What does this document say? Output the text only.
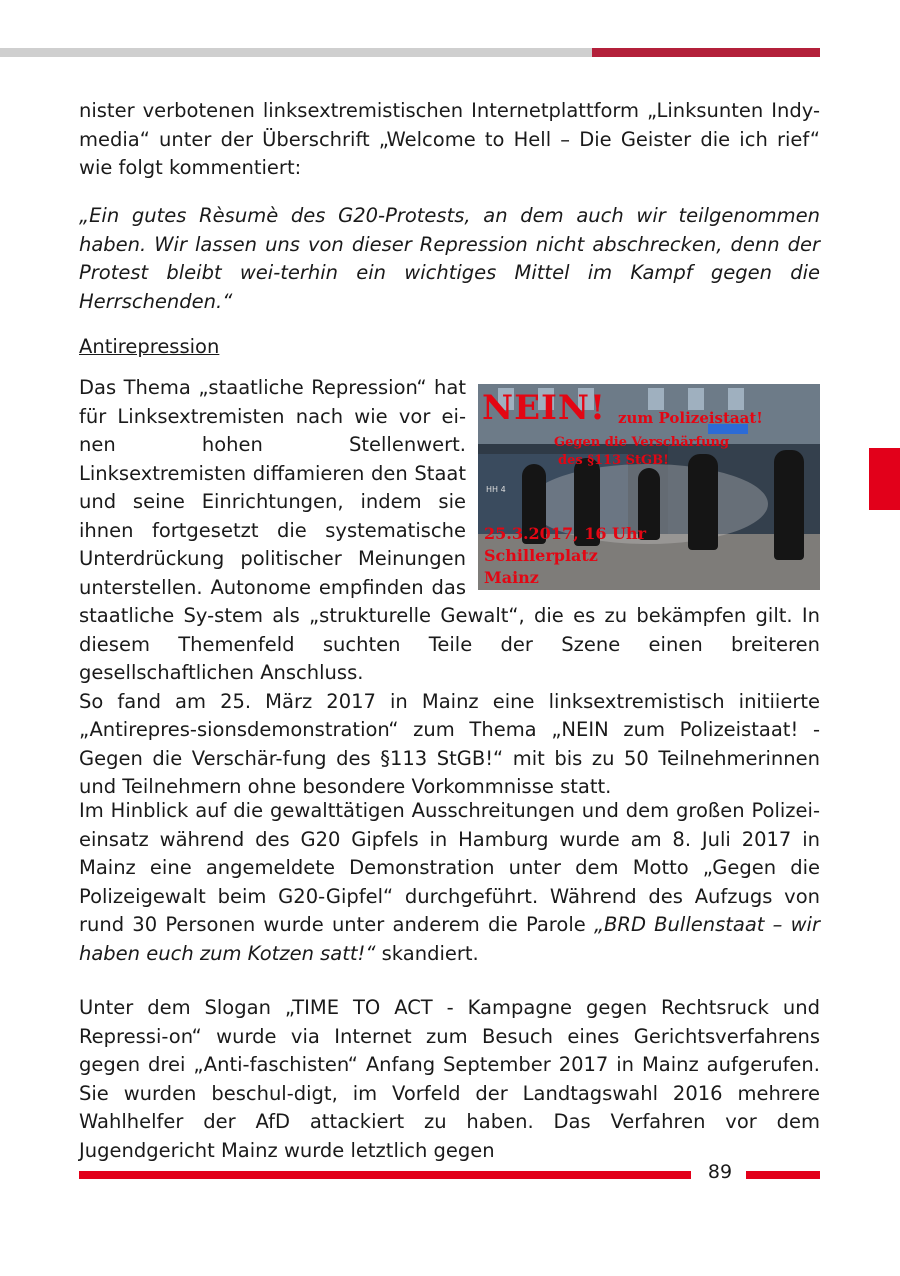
nister verbotenen linksextremistischen Internetplattform „Linksunten Indy-media“ unter der Überschrift „Welcome to Hell – Die Geister die ich rief“ wie folgt kommentiert:

„Ein gutes Rèsumè des G20-Protests, an dem auch wir teilgenommen haben. Wir lassen uns von dieser Repression nicht abschrecken, denn der Protest bleibt wei-terhin ein wichtiges Mittel im Kampf gegen die Herrschenden.“

Antirepression
HH 4
NEIN! zum Polizeistaat!
Gegen die Verschärfung
des §113 StGB!
25.3.2017, 16 Uhr
Schillerplatz
Mainz
Das Thema „staatliche Repression“ hat für Linksextremisten nach wie vor ei-nen hohen Stellenwert. Linksextremisten diffamieren den Staat und seine Einrichtungen, indem sie ihnen fortgesetzt die systematische Unterdrückung politischer Meinungen unterstellen. Autonome empfinden das staatliche Sy-stem als „strukturelle Gewalt“, die es zu bekämpfen gilt. In diesem Themenfeld suchten Teile der Szene einen breiteren gesellschaftlichen Anschluss.
So fand am 25. März 2017 in Mainz eine linksextremistisch initiierte „Antirepres-sionsdemonstration“ zum Thema „NEIN zum Polizeistaat! - Gegen die Verschär-fung des §113 StGB!“ mit bis zu 50 Teilnehmerinnen und Teilnehmern ohne besondere Vorkommnisse statt.

Im Hinblick auf die gewalttätigen Ausschreitungen und dem großen Polizei-einsatz während des G20 Gipfels in Hamburg wurde am 8. Juli 2017 in Mainz eine angemeldete Demonstration unter dem Motto „Gegen die Polizeigewalt beim G20-Gipfel“ durchgeführt. Während des Aufzugs von rund 30 Personen wurde unter anderem die Parole „BRD Bullenstaat – wir haben euch zum Kotzen satt!“ skandiert.

Unter dem Slogan „TIME TO ACT - Kampagne gegen Rechtsruck und Repressi-on“ wurde via Internet zum Besuch eines Gerichtsverfahrens gegen drei „Anti-faschisten“ Anfang September 2017 in Mainz aufgerufen. Sie wurden beschul-digt, im Vorfeld der Landtagswahl 2016 mehrere Wahlhelfer der AfD attackiert zu haben. Das Verfahren vor dem Jugendgericht Mainz wurde letztlich gegen

89
